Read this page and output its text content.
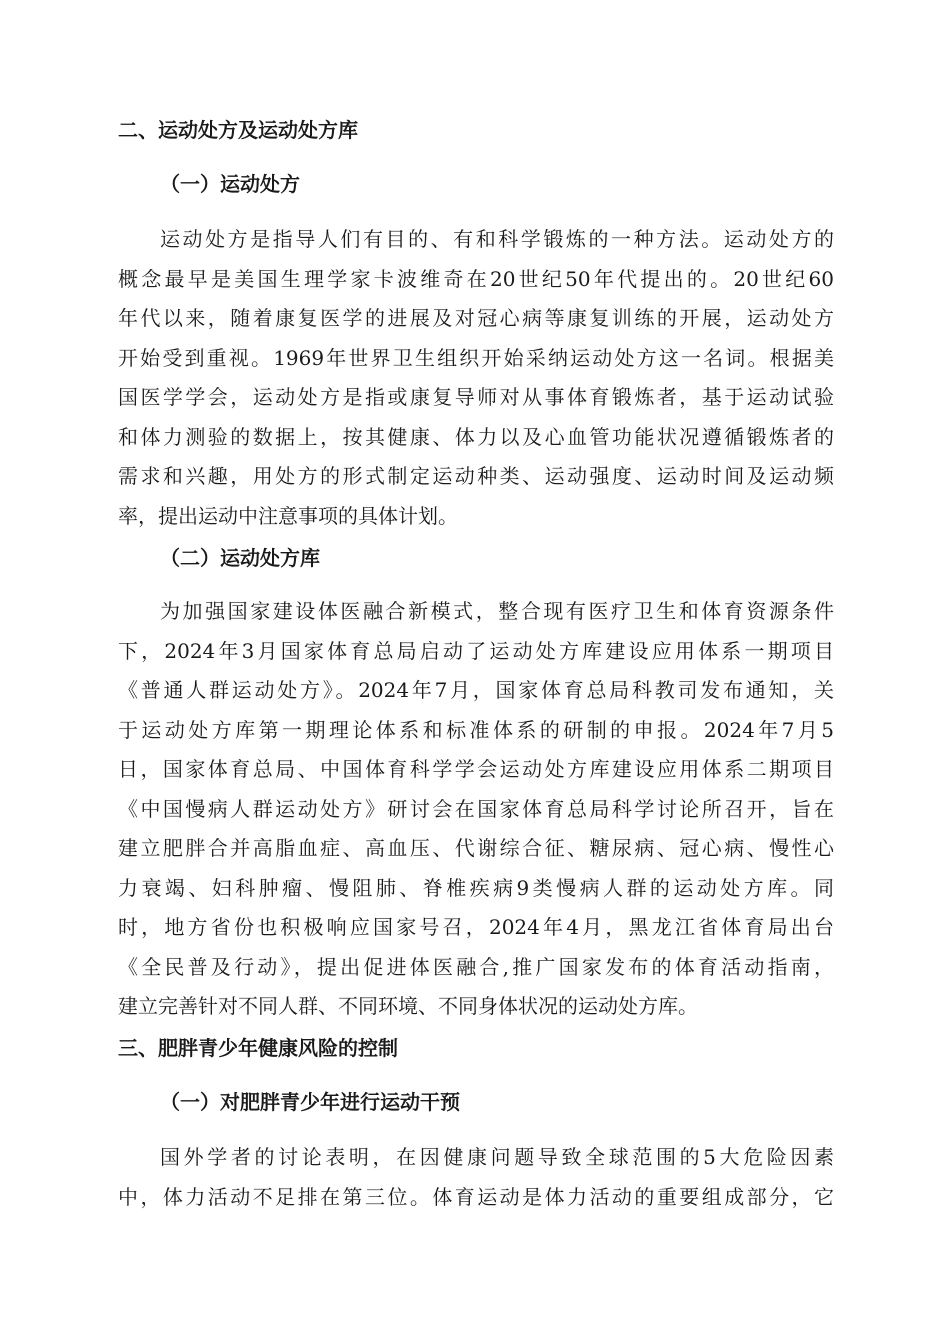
二、运动处方及运动处方库
（一）运动处方
运动处方是指导人们有目的、有和科学锻炼的一种方法。运动处方的
概念最早是美国生理学家卡波维奇在20世纪50年代提出的。20世纪60
年代以来，随着康复医学的进展及对冠心病等康复训练的开展，运动处方
开始受到重视。1969年世界卫生组织开始采纳运动处方这一名词。根据美
国医学学会，运动处方是指或康复导师对从事体育锻炼者，基于运动试验
和体力测验的数据上，按其健康、体力以及心血管功能状况遵循锻炼者的
需求和兴趣，用处方的形式制定运动种类、运动强度、运动时间及运动频
率，提出运动中注意事项的具体计划。
（二）运动处方库
为加强国家建设体医融合新模式，整合现有医疗卫生和体育资源条件
下，2024年3月国家体育总局启动了运动处方库建设应用体系一期项目
《普通人群运动处方》。2024年7月，国家体育总局科教司发布通知，关
于运动处方库第一期理论体系和标准体系的研制的申报。2024年7月5
日，国家体育总局、中国体育科学学会运动处方库建设应用体系二期项目
《中国慢病人群运动处方》研讨会在国家体育总局科学讨论所召开，旨在
建立肥胖合并高脂血症、高血压、代谢综合征、糖尿病、冠心病、慢性心
力衰竭、妇科肿瘤、慢阻肺、脊椎疾病9类慢病人群的运动处方库。同
时，地方省份也积极响应国家号召，2024年4月，黑龙江省体育局出台
《全民普及行动》，提出促进体医融合,推广国家发布的体育活动指南，
建立完善针对不同人群、不同环境、不同身体状况的运动处方库。
三、肥胖青少年健康风险的控制
（一）对肥胖青少年进行运动干预
国外学者的讨论表明，在因健康问题导致全球范围的5大危险因素
中，体力活动不足排在第三位。体育运动是体力活动的重要组成部分，它
